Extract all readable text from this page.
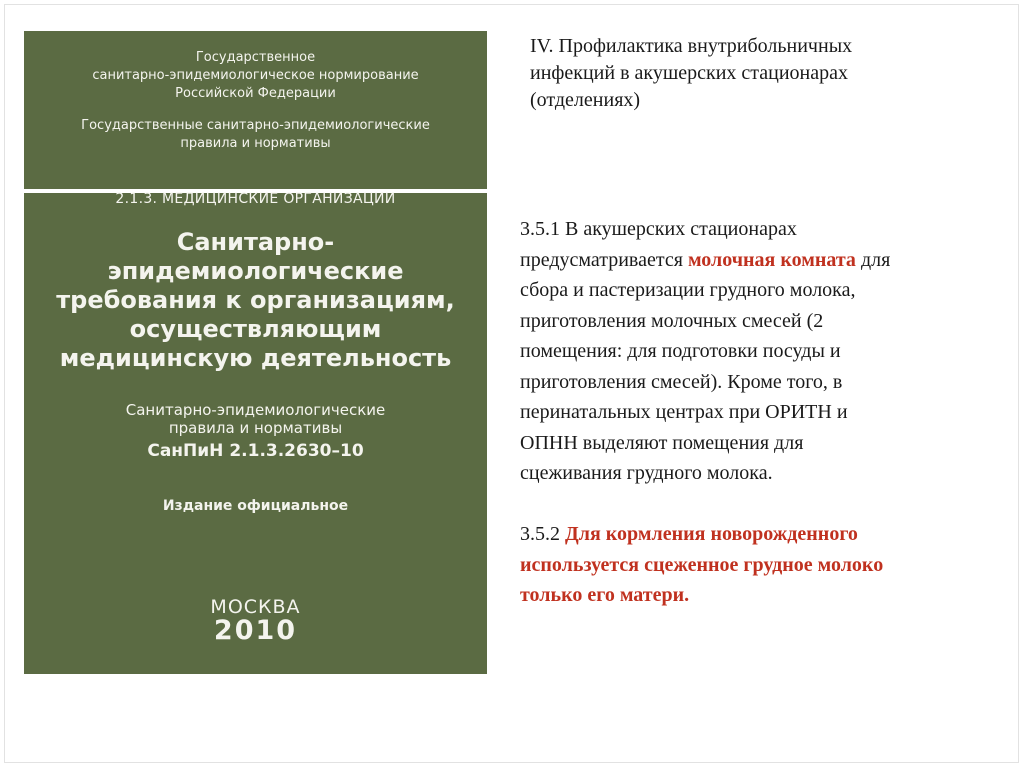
Государственное
санитарно-эпидемиологическое нормирование
Российской Федерации
Государственные санитарно-эпидемиологические
правила и нормативы
2.1.3. МЕДИЦИНСКИЕ ОРГАНИЗАЦИИ
Санитарно-
эпидемиологические
требования к организациям,
осуществляющим
медицинскую деятельность
Санитарно-эпидемиологические
правила и нормативы
СанПиН 2.1.3.2630–10
Издание официальное
МОСКВА
2010
IV. Профилактика внутрибольничных
инфекций в акушерских стационарах
(отделениях)
3.5.1 В акушерских стационарах
предусматривается молочная комната для
сбора и пастеризации грудного молока,
приготовления молочных смесей (2
помещения: для подготовки посуды и
приготовления смесей). Кроме того, в
перинатальных центрах при ОРИТН и
ОПНН выделяют помещения для
сцеживания грудного молока.
3.5.2 Для кормления новорожденного
используется сцеженное грудное молоко
только его матери.
